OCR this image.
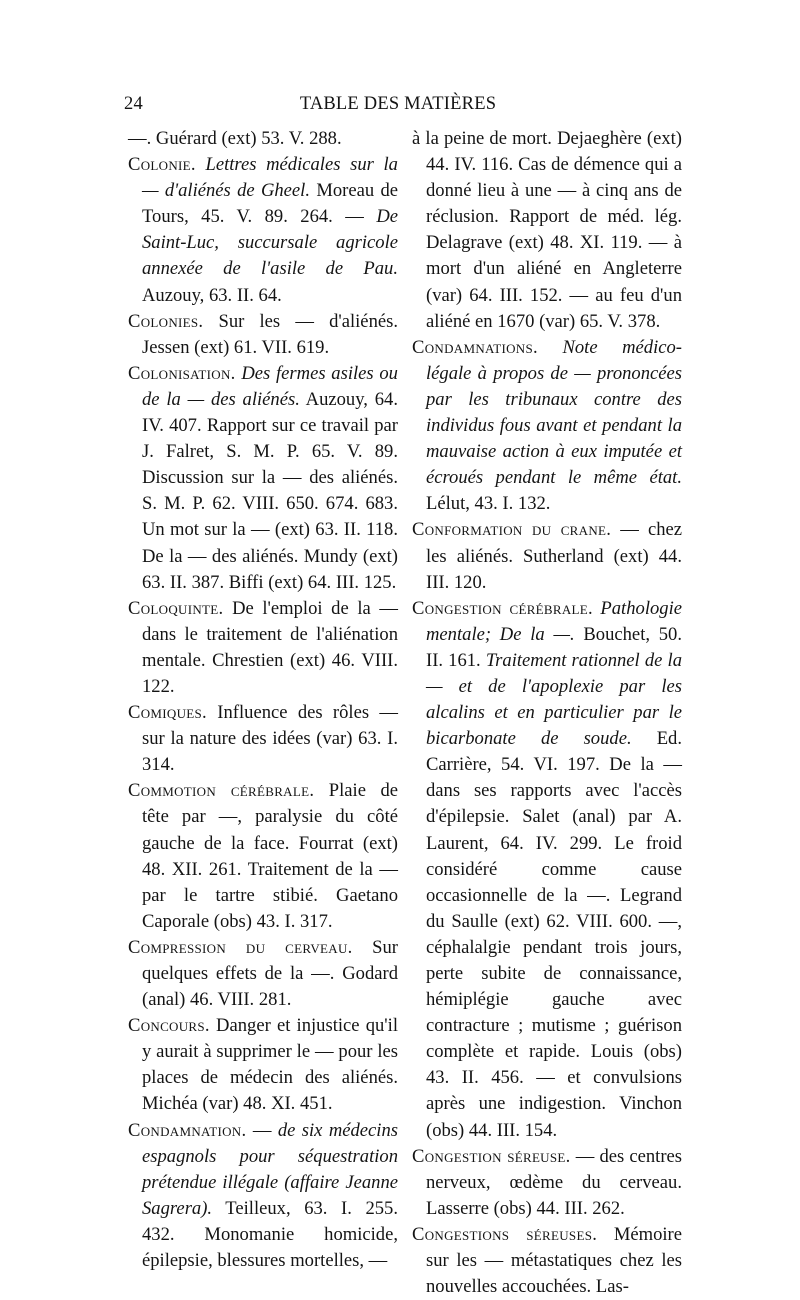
24	TABLE DES MATIÈRES

—. Guérard (ext) 53. V. 288.

Colonie. Lettres médicales sur la — d'aliénés de Gheel. Moreau de Tours, 45. V. 89. 264. — De Saint-Luc, succursale agricole annexée de l'asile de Pau. Auzouy, 63. II. 64.

Colonies. Sur les — d'aliénés. Jessen (ext) 61. VII. 619.

Colonisation. Des fermes asiles ou de la — des aliénés. Auzouy, 64. IV. 407. Rapport sur ce travail par J. Falret, S. M. P. 65. V. 89. Discussion sur la — des aliénés. S. M. P. 62. VIII. 650. 674. 683. Un mot sur la — (ext) 63. II. 118. De la — des aliénés. Mundy (ext) 63. II. 387. Biffi (ext) 64. III. 125.

Coloquinte. De l'emploi de la — dans le traitement de l'aliénation mentale. Chrestien (ext) 46. VIII. 122.

Comiques. Influence des rôles — sur la nature des idées (var) 63. I. 314.

Commotion cérébrale. Plaie de tête par —, paralysie du côté gauche de la face. Fourrat (ext) 48. XII. 261. Traitement de la — par le tartre stibié. Gaetano Caporale (obs) 43. I. 317.

Compression du cerveau. Sur quelques effets de la —. Godard (anal) 46. VIII. 281.

Concours. Danger et injustice qu'il y aurait à supprimer le — pour les places de médecin des aliénés. Michéa (var) 48. XI. 451.

Condamnation. — de six médecins espagnols pour séquestration prétendue illégale (affaire Jeanne Sagrera). Teilleux, 63. I. 255. 432. Monomanie homicide, épilepsie, blessures mortelles, —

à la peine de mort. Dejaeghère (ext) 44. IV. 116. Cas de démence qui a donné lieu à une — à cinq ans de réclusion. Rapport de méd. lég. Delagrave (ext) 48. XI. 119. — à mort d'un aliéné en Angleterre (var) 64. III. 152. — au feu d'un aliéné en 1670 (var) 65. V. 378.

Condamnations. Note médico-légale à propos de — prononcées par les tribunaux contre des individus fous avant et pendant la mauvaise action à eux imputée et écroués pendant le même état. Lélut, 43. I. 132.

Conformation du crane. — chez les aliénés. Sutherland (ext) 44. III. 120.

Congestion cérébrale. Pathologie mentale; De la —. Bouchet, 50. II. 161. Traitement rationnel de la — et de l'apoplexie par les alcalins et en particulier par le bicarbonate de soude. Ed. Carrière, 54. VI. 197. De la — dans ses rapports avec l'accès d'épilepsie. Salet (anal) par A. Laurent, 64. IV. 299. Le froid considéré comme cause occasionnelle de la —. Legrand du Saulle (ext) 62. VIII. 600. —, céphalalgie pendant trois jours, perte subite de connaissance, hémiplégie gauche avec contracture ; mutisme ; guérison complète et rapide. Louis (obs) 43. II. 456. — et convulsions après une indigestion. Vinchon (obs) 44. III. 154.

Congestion séreuse. — des centres nerveux, œdème du cerveau. Lasserre (obs) 44. III. 262.

Congestions séreuses. Mémoire sur les — métastatiques chez les nouvelles accouchées. Las-
